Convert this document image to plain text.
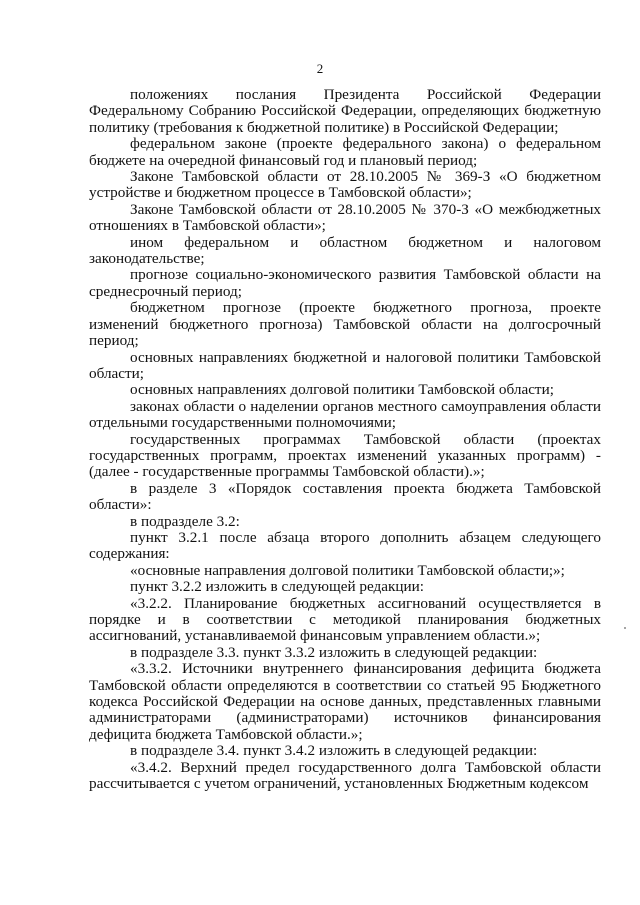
2

положениях послания Президента Российской Федерации Федеральному Собранию Российской Федерации, определяющих бюджетную политику (требования к бюджетной политике) в Российской Федерации;

федеральном законе (проекте федерального закона) о федеральном бюджете на очередной финансовый год и плановый период;

Законе Тамбовской области от 28.10.2005 № 369-З «О бюджетном устройстве и бюджетном процессе в Тамбовской области»;

Законе Тамбовской области от 28.10.2005 № 370-З «О межбюджетных отношениях в Тамбовской области»;

ином федеральном и областном бюджетном и налоговом законодательстве;

прогнозе социально-экономического развития Тамбовской области на среднесрочный период;

бюджетном прогнозе (проекте бюджетного прогноза, проекте изменений бюджетного прогноза) Тамбовской области на долгосрочный период;

основных направлениях бюджетной и налоговой политики Тамбовской области;

основных направлениях долговой политики Тамбовской области;

законах области о наделении органов местного самоуправления области отдельными государственными полномочиями;

государственных программах Тамбовской области (проектах государственных программ, проектах изменений указанных программ) - (далее - государственные программы Тамбовской области).»;

в разделе 3 «Порядок составления проекта бюджета Тамбовской области»:

в подразделе 3.2:

пункт 3.2.1 после абзаца второго дополнить абзацем следующего содержания:

«основные направления долговой политики Тамбовской области;»;

пункт 3.2.2 изложить в следующей редакции:

«3.2.2. Планирование бюджетных ассигнований осуществляется в порядке и в соответствии с методикой планирования бюджетных ассигнований, устанавливаемой финансовым управлением области.»;

в подразделе 3.3. пункт 3.3.2 изложить в следующей редакции:

«3.3.2. Источники внутреннего финансирования дефицита бюджета Тамбовской области определяются в соответствии со статьей 95 Бюджетного кодекса Российской Федерации на основе данных, представленных главными администраторами (администраторами) источников финансирования дефицита бюджета Тамбовской области.»;

в подразделе 3.4. пункт 3.4.2 изложить в следующей редакции:

«3.4.2. Верхний предел государственного долга Тамбовской области рассчитывается с учетом ограничений, установленных Бюджетным кодексом
